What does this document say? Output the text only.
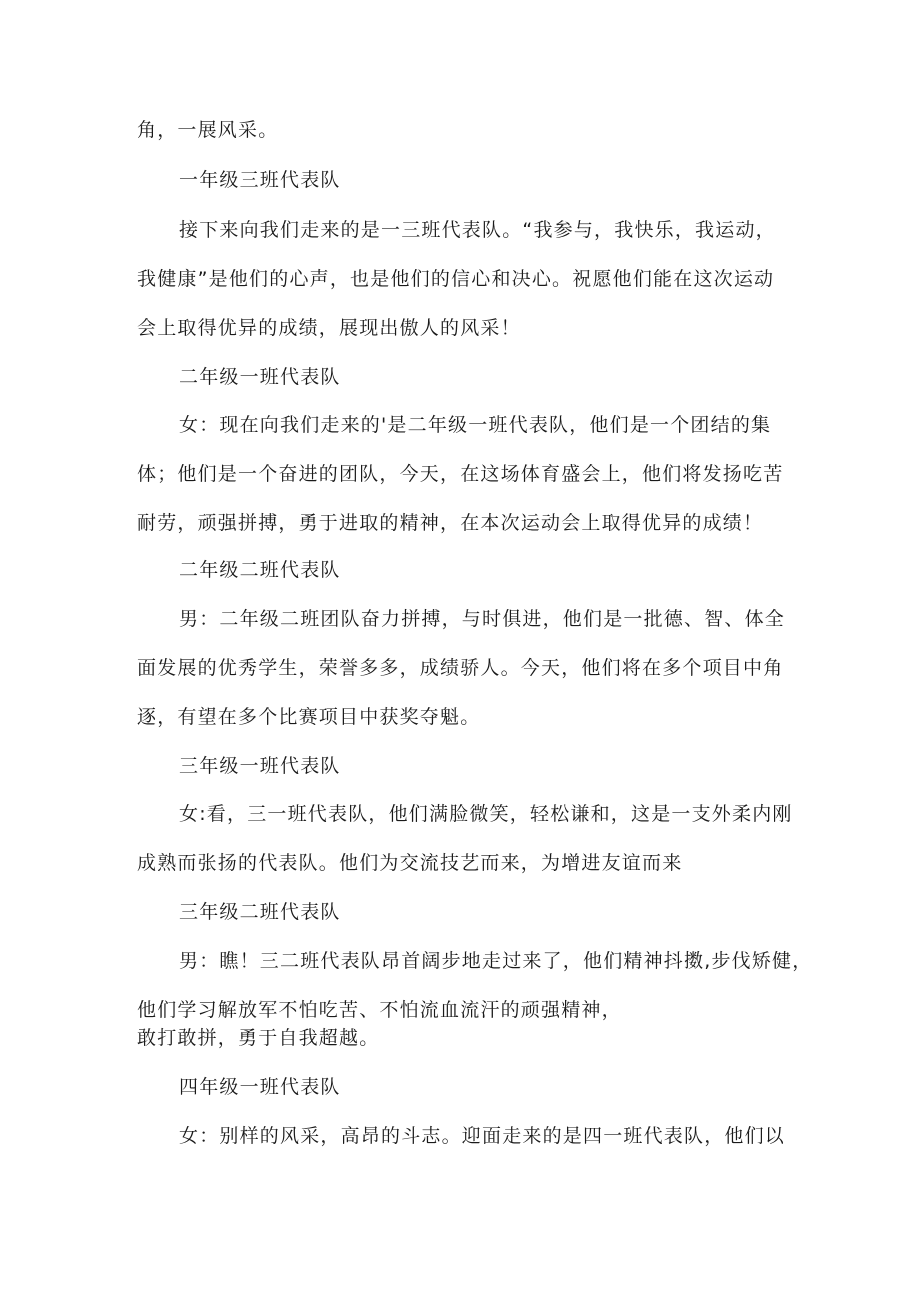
角，一展风采。
一年级三班代表队
接下来向我们走来的是一三班代表队。“我参与，我快乐，我运动，
我健康”是他们的心声，也是他们的信心和决心。祝愿他们能在这次运动
会上取得优异的成绩，展现出傲人的风采！
二年级一班代表队
女：现在向我们走来的'是二年级一班代表队，他们是一个团结的集
体；他们是一个奋进的团队，今天，在这场体育盛会上，他们将发扬吃苦
耐劳，顽强拼搏，勇于进取的精神，在本次运动会上取得优异的成绩！
二年级二班代表队
男：二年级二班团队奋力拼搏，与时俱进，他们是一批德、智、体全
面发展的优秀学生，荣誉多多，成绩骄人。今天，他们将在多个项目中角
逐，有望在多个比赛项目中获奖夺魁。
三年级一班代表队
女:看，三一班代表队，他们满脸微笑，轻松谦和，这是一支外柔内刚
成熟而张扬的代表队。他们为交流技艺而来，为增进友谊而来
三年级二班代表队
男：瞧！三二班代表队昂首阔步地走过来了，他们精神抖擞,步伐矫健，
他们学习解放军不怕吃苦、不怕流血流汗的顽强精神，
敢打敢拼，勇于自我超越。
四年级一班代表队
女：别样的风采，高昂的斗志。迎面走来的是四一班代表队，他们以
